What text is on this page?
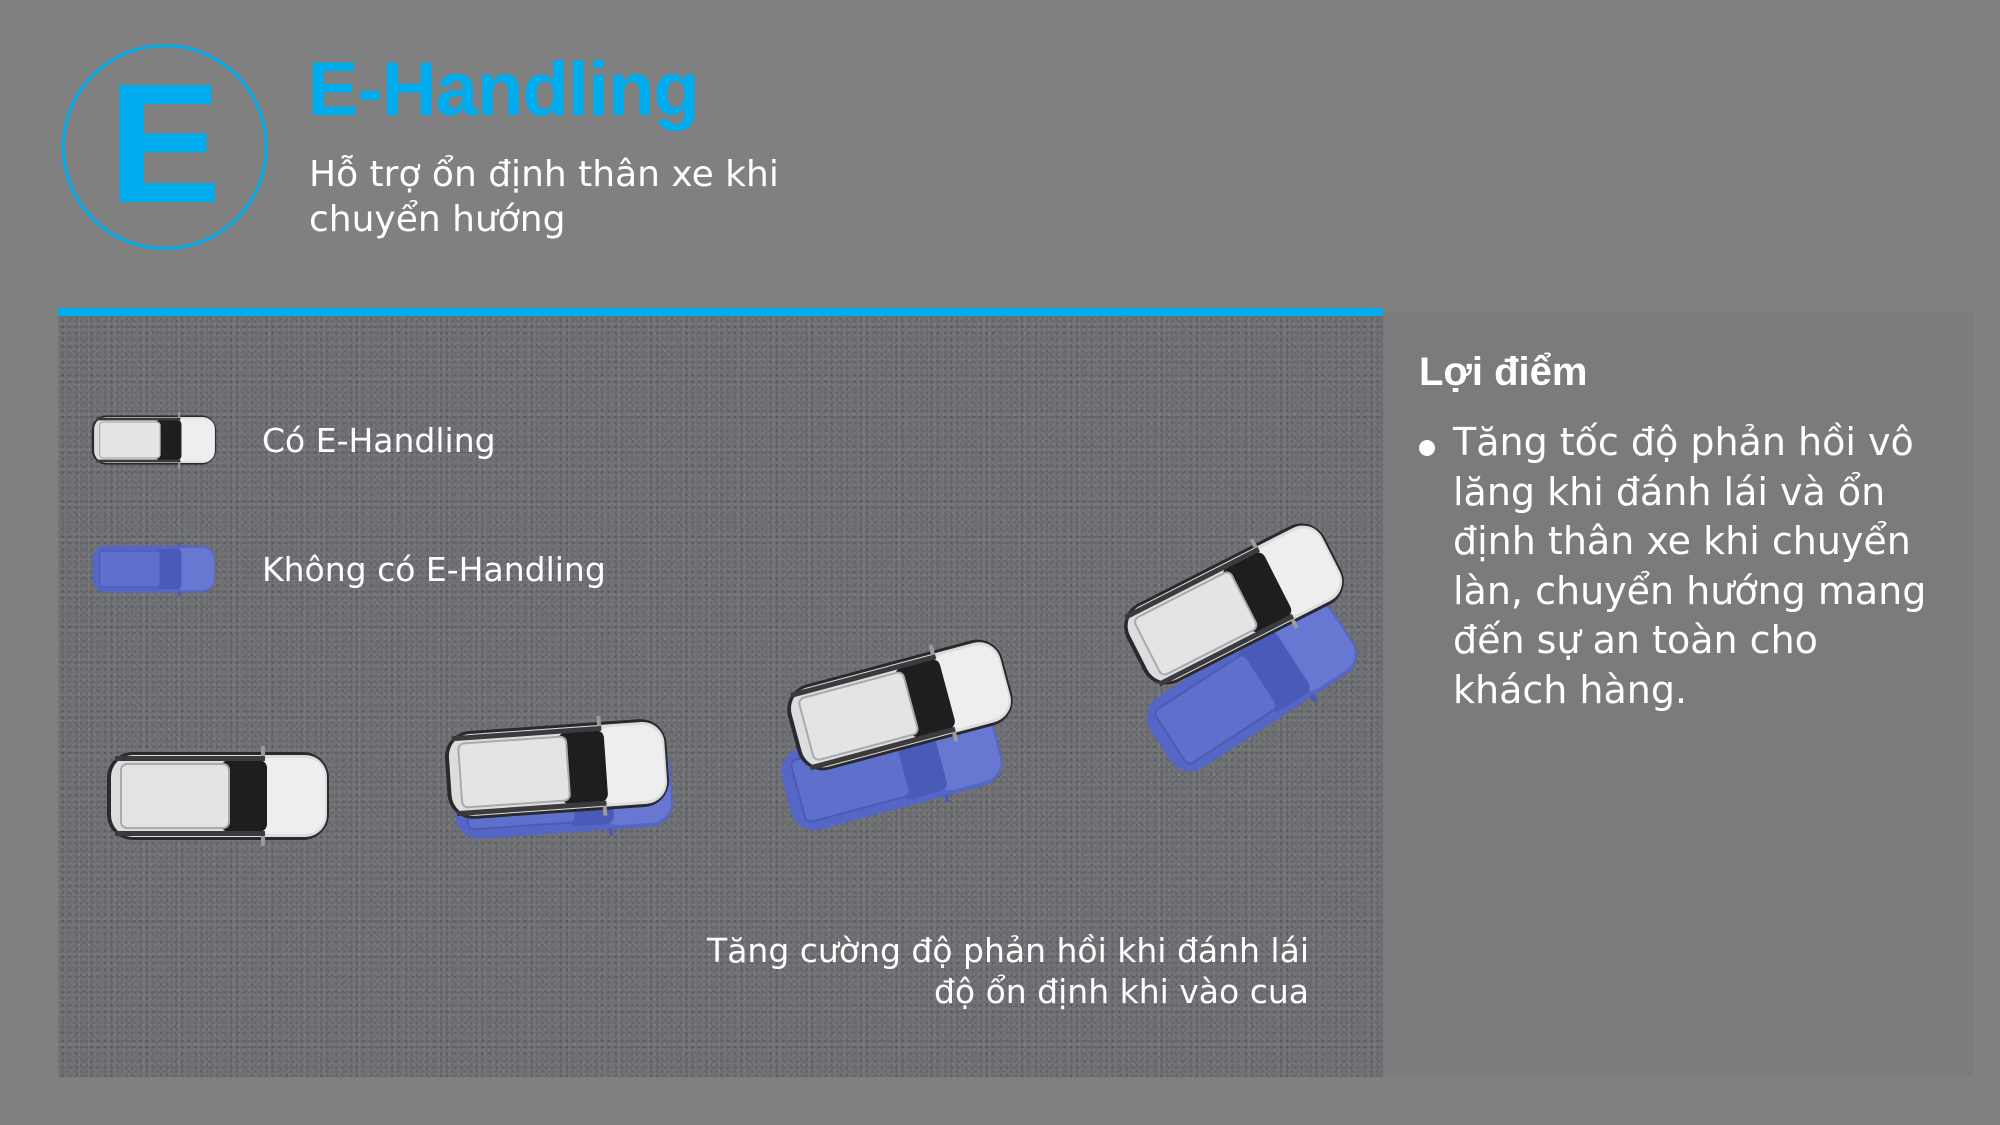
E	E-Handling

Hỗ trợ ổn định thân xe khi chuyển hướng

Có E-Handling
Không có E-Handling
Tăng cường độ phản hồi khi đánh lái
độ ổn định khi vào cua
Lợi điểm
Tăng tốc độ phản hồi vô lăng khi đánh lái và ổn định thân xe khi chuyển làn, chuyển hướng mang đến sự an toàn cho khách hàng.
